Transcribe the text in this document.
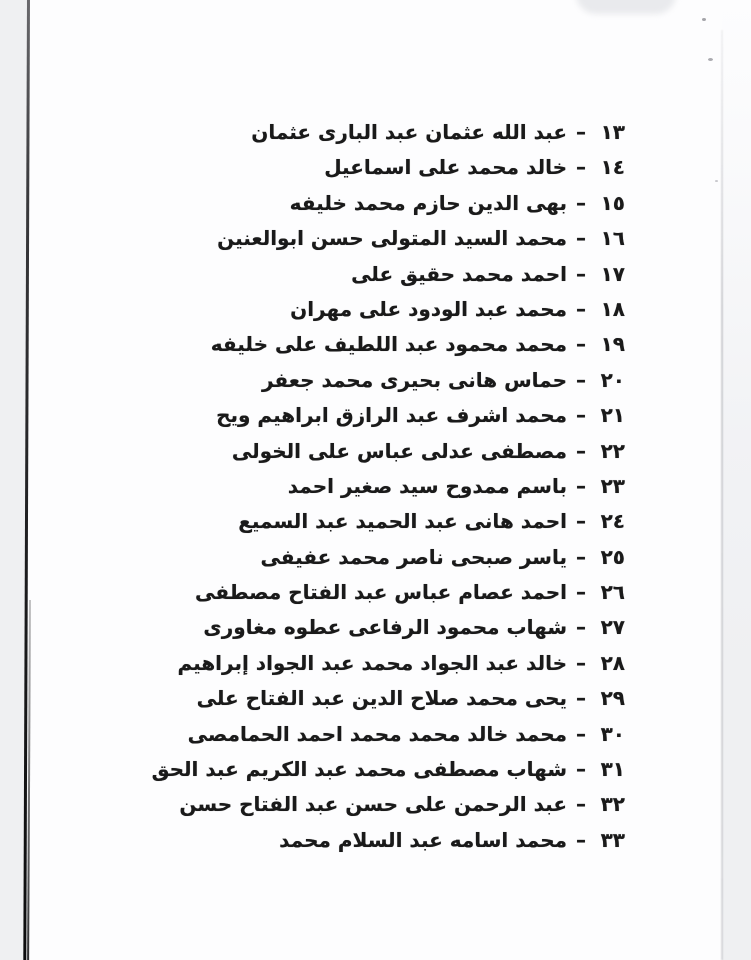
١٣–عبد الله عثمان عبد البارى عثمان
١٤–خالد محمد على اسماعيل
١٥–بهى الدين حازم محمد خليفه
١٦–محمد السيد المتولى حسن ابوالعنين
١٧–احمد محمد حقيق على
١٨–محمد عبد الودود على مهران
١٩–محمد محمود عبد اللطيف على خليفه
٢٠–حماس هانى بحيرى محمد جعفر
٢١–محمد اشرف عبد الرازق ابراهيم ويح
٢٢–مصطفى عدلى عباس على الخولى
٢٣–باسم ممدوح سيد صغير احمد
٢٤–احمد هانى عبد الحميد عبد السميع
٢٥–ياسر صبحى ناصر محمد عفيفى
٢٦–احمد عصام عباس عبد الفتاح مصطفى
٢٧–شهاب محمود الرفاعى عطوه مغاورى
٢٨–خالد عبد الجواد محمد عبد الجواد إبراهيم
٢٩–يحى محمد صلاح الدين عبد الفتاح على
٣٠–محمد خالد محمد محمد احمد الحمامصى
٣١–شهاب مصطفى محمد عبد الكريم عبد الحق
٣٢–عبد الرحمن على حسن عبد الفتاح حسن
٣٣–محمد اسامه عبد السلام محمد
